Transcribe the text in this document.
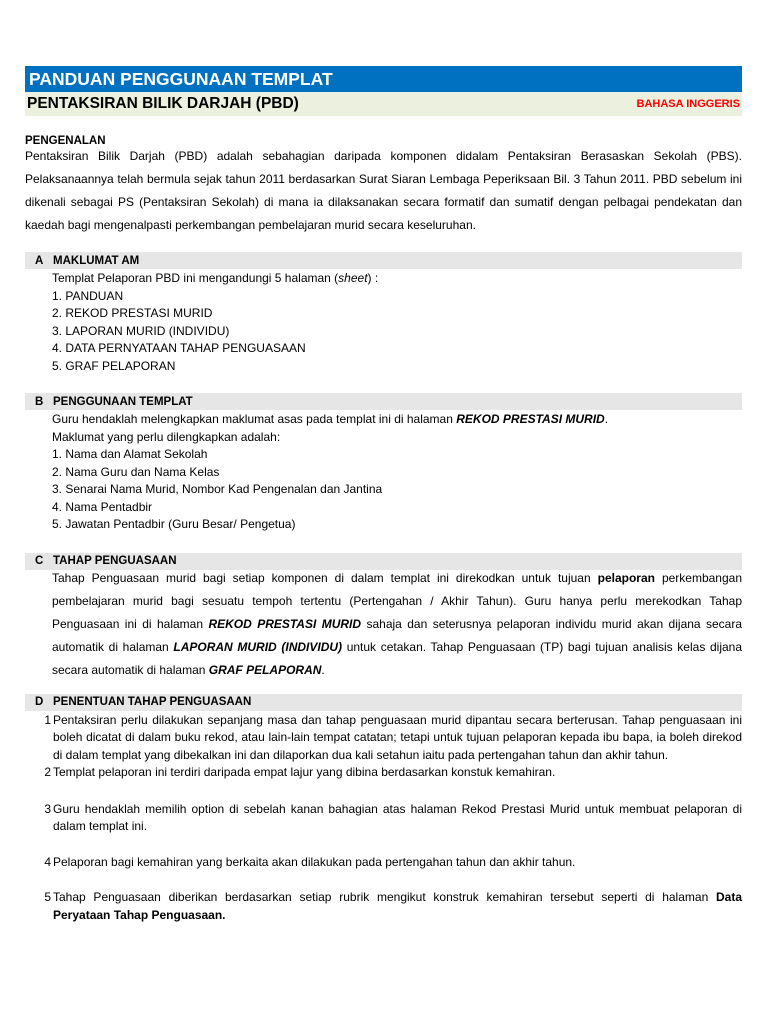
PANDUAN PENGGUNAAN TEMPLAT
PENTAKSIRAN BILIK DARJAH (PBD)	BAHASA INGGERIS
PENGENALAN
Pentaksiran Bilik Darjah (PBD) adalah sebahagian daripada komponen didalam Pentaksiran Berasaskan Sekolah (PBS). Pelaksanaannya telah bermula sejak tahun 2011 berdasarkan Surat Siaran Lembaga Peperiksaan Bil. 3 Tahun 2011. PBD sebelum ini dikenali sebagai PS (Pentaksiran Sekolah) di mana ia dilaksanakan secara formatif dan sumatif dengan pelbagai pendekatan dan kaedah bagi mengenalpasti perkembangan pembelajaran murid secara keseluruhan.
A MAKLUMAT AM
Templat Pelaporan PBD ini mengandungi 5 halaman (sheet) :
1. PANDUAN
2. REKOD PRESTASI MURID
3. LAPORAN MURID (INDIVIDU)
4. DATA PERNYATAAN TAHAP PENGUASAAN
5. GRAF PELAPORAN
B PENGGUNAAN TEMPLAT
Guru hendaklah melengkapkan maklumat asas pada templat ini di halaman REKOD PRESTASI MURID.
Maklumat yang perlu dilengkapkan adalah:
1. Nama dan Alamat Sekolah
2. Nama Guru dan Nama Kelas
3. Senarai Nama Murid, Nombor Kad Pengenalan dan Jantina
4. Nama Pentadbir
5. Jawatan Pentadbir (Guru Besar/ Pengetua)
C TAHAP PENGUASAAN
Tahap Penguasaan murid bagi setiap komponen di dalam templat ini direkodkan untuk tujuan pelaporan perkembangan pembelajaran murid bagi sesuatu tempoh tertentu (Pertengahan / Akhir Tahun). Guru hanya perlu merekodkan Tahap Penguasaan ini di halaman REKOD PRESTASI MURID sahaja dan seterusnya pelaporan individu murid akan dijana secara automatik di halaman LAPORAN MURID (INDIVIDU) untuk cetakan. Tahap Penguasaan (TP) bagi tujuan analisis kelas dijana secara automatik di halaman GRAF PELAPORAN.
D PENENTUAN TAHAP PENGUASAAN
1 Pentaksiran perlu dilakukan sepanjang masa dan tahap penguasaan murid dipantau secara berterusan. Tahap penguasaan ini boleh dicatat di dalam buku rekod, atau lain-lain tempat catatan; tetapi untuk tujuan pelaporan kepada ibu bapa, ia boleh direkod di dalam templat yang dibekalkan ini dan dilaporkan dua kali setahun iaitu pada pertengahan tahun dan akhir tahun.
2 Templat pelaporan ini terdiri daripada empat lajur yang dibina berdasarkan konstuk kemahiran.
3 Guru hendaklah memilih option di sebelah kanan bahagian atas halaman Rekod Prestasi Murid untuk membuat pelaporan di dalam templat ini.
4 Pelaporan bagi kemahiran yang berkaita akan dilakukan pada pertengahan tahun dan akhir tahun.
5 Tahap Penguasaan diberikan berdasarkan setiap rubrik mengikut konstruk kemahiran tersebut seperti di halaman Data Peryataan Tahap Penguasaan.
